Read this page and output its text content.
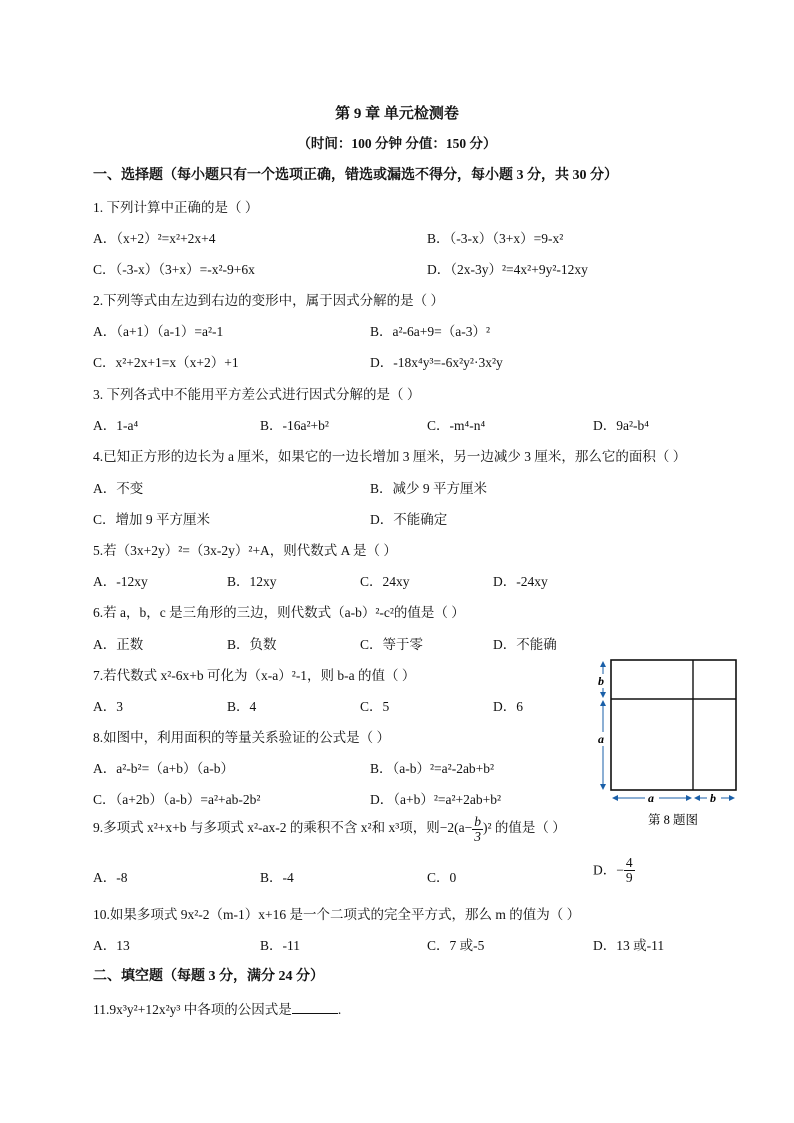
第 9 章 单元检测卷
（时间：100 分钟 分值：150 分）
一、选择题（每小题只有一个选项正确，错选或漏选不得分，每小题 3 分，共 30 分）
1. 下列计算中正确的是（ ）
A．（x+2）²=x²+2x+4	B．（-3-x）（3+x）=9-x²
C．（-3-x）（3+x）=-x²-9+6x	D．（2x-3y）²=4x²+9y²-12xy
2.下列等式由左边到右边的变形中，属于因式分解的是（ ）
A．（a+1）（a-1）=a²-1	B．a²-6a+9=（a-3）²
C．x²+2x+1=x（x+2）+1	D．-18x⁴y³=-6x²y²·3x²y
3. 下列各式中不能用平方差公式进行因式分解的是（ ）
A．1-a⁴	B．-16a²+b²	C．-m⁴-n⁴	D．9a²-b⁴
4.已知正方形的边长为 a 厘米，如果它的一边长增加 3 厘米，另一边减少 3 厘米，那么它的面积（ ）
A．不变	B．减少 9 平方厘米
C．增加 9 平方厘米	D．不能确定
5.若（3x+2y）²=（3x-2y）²+A，则代数式 A 是（ ）
A．-12xy	B．12xy	C．24xy	D．-24xy
6.若 a，b，c 是三角形的三边，则代数式（a-b）²-c²的值是（ ）
A．正数	B．负数	C．等于零	D．不能确
7.若代数式 x²-6x+b 可化为（x-a）²-1，则 b-a 的值（ ）
A．3	B．4	C．5	D．6
8.如图中，利用面积的等量关系验证的公式是（ ）
A．a²-b²=（a+b）（a-b）	B．（a-b）²=a²-2ab+b²
C．（a+2b）（a-b）=a²+ab-2b²	D．（a+b）²=a²+2ab+b²
b
a
a	b
第 8 题图
9.多项式 x²+x+b 与多项式 x²-ax-2 的乘积不含 x²和 x³项，则$-2(a- \frac{b}{3} )^2$ 的值是（ ）
A．-8	B．-4	C．0
D．− $\frac{4}{9}$
10.如果多项式 9x²-2（m-1）x+16 是一个二项式的完全平方式，那么 m 的值为（ ）
A．13	B．-11	C．7 或-5	D．13 或-11
二、填空题（每题 3 分，满分 24 分）
11.9x³y²+12x²y³ 中各项的公因式是	.
